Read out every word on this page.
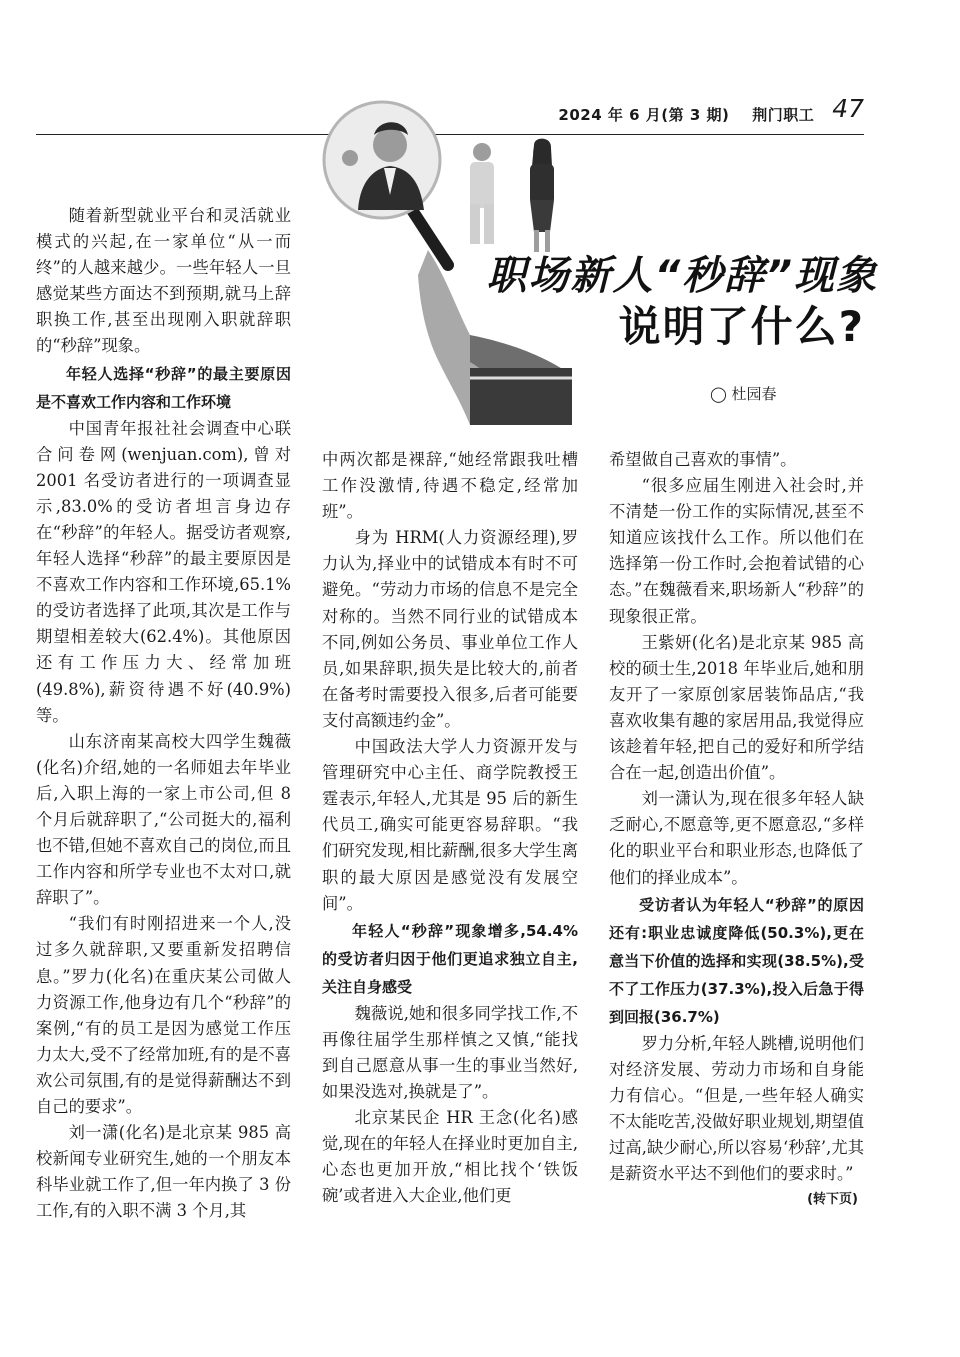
2024 年 6 月(第 3 期) 荆门职工 47
职场新人“秒辞”现象
说明了什么?
◯ 杜园春

随着新型就业平台和灵活就业模式的兴起,在一家单位“从一而终”的人越来越少。一些年轻人一旦感觉某些方面达不到预期,就马上辞职换工作,甚至出现刚入职就辞职的“秒辞”现象。

年轻人选择“秒辞”的最主要原因是不喜欢工作内容和工作环境

中国青年报社社会调查中心联合问卷网(wenjuan.com),曾对2001 名受访者进行的一项调查显示,83.0%的受访者坦言身边存在“秒辞”的年轻人。据受访者观察,年轻人选择“秒辞”的最主要原因是不喜欢工作内容和工作环境,65.1%的受访者选择了此项,其次是工作与期望相差较大(62.4%)。其他原因还有工作压力大、经常加班(49.8%),薪资待遇不好(40.9%)等。

山东济南某高校大四学生魏薇(化名)介绍,她的一名师姐去年毕业后,入职上海的一家上市公司,但 8 个月后就辞职了,“公司挺大的,福利也不错,但她不喜欢自己的岗位,而且工作内容和所学专业也不太对口,就辞职了”。

“我们有时刚招进来一个人,没过多久就辞职,又要重新发招聘信息。”罗力(化名)在重庆某公司做人力资源工作,他身边有几个“秒辞”的案例,“有的员工是因为感觉工作压力太大,受不了经常加班,有的是不喜欢公司氛围,有的是觉得薪酬达不到自己的要求”。

刘一潇(化名)是北京某 985 高校新闻专业研究生,她的一个朋友本科毕业就工作了,但一年内换了 3 份工作,有的入职不满 3 个月,其

中两次都是裸辞,“她经常跟我吐槽工作没激情,待遇不稳定,经常加班”。

身为 HRM(人力资源经理),罗力认为,择业中的试错成本有时不可避免。“劳动力市场的信息不是完全对称的。当然不同行业的试错成本不同,例如公务员、事业单位工作人员,如果辞职,损失是比较大的,前者在备考时需要投入很多,后者可能要支付高额违约金”。

中国政法大学人力资源开发与管理研究中心主任、商学院教授王霆表示,年轻人,尤其是 95 后的新生代员工,确实可能更容易辞职。“我们研究发现,相比薪酬,很多大学生离职的最大原因是感觉没有发展空间”。

年轻人“秒辞”现象增多,54.4%的受访者归因于他们更追求独立自主,关注自身感受

魏薇说,她和很多同学找工作,不再像往届学生那样慎之又慎,“能找到自己愿意从事一生的事业当然好,如果没选对,换就是了”。

北京某民企 HR 王念(化名)感觉,现在的年轻人在择业时更加自主,心态也更加开放,“相比找个‘铁饭碗’或者进入大企业,他们更

希望做自己喜欢的事情”。

“很多应届生刚进入社会时,并不清楚一份工作的实际情况,甚至不知道应该找什么工作。所以他们在选择第一份工作时,会抱着试错的心态。”在魏薇看来,职场新人“秒辞”的现象很正常。

王紫妍(化名)是北京某 985 高校的硕士生,2018 年毕业后,她和朋友开了一家原创家居装饰品店,“我喜欢收集有趣的家居用品,我觉得应该趁着年轻,把自己的爱好和所学结合在一起,创造出价值”。

刘一潇认为,现在很多年轻人缺乏耐心,不愿意等,更不愿意忍,“多样化的职业平台和职业形态,也降低了他们的择业成本”。

受访者认为年轻人“秒辞”的原因还有:职业忠诚度降低(50.3%),更在意当下价值的选择和实现(38.5%),受不了工作压力(37.3%),投入后急于得到回报(36.7%)

罗力分析,年轻人跳槽,说明他们对经济发展、劳动力市场和自身能力有信心。“但是,一些年轻人确实不太能吃苦,没做好职业规划,期望值过高,缺少耐心,所以容易‘秒辞’,尤其是薪资水平达不到他们的要求时。”

(转下页)
